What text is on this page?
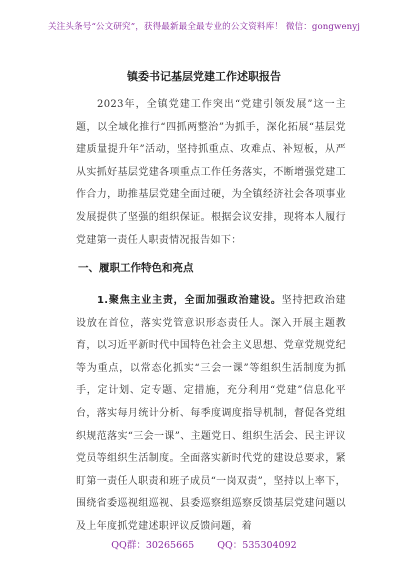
关注头条号“公文研究”，获得最新最全最专业的公文资料库！ 微信：gongwenyj
镇委书记基层党建工作述职报告

2023年，全镇党建工作突出“党建引领发展”这一主题，以全域化推行“四抓两整治”为抓手，深化拓展“基层党建质量提升年”活动，坚持抓重点、攻难点、补短板，从严从实抓好基层党建各项重点工作任务落实，不断增强党建工作合力，助推基层党建全面过硬，为全镇经济社会各项事业发展提供了坚强的组织保证。根据会议安排，现将本人履行党建第一责任人职责情况报告如下：

一、履职工作特色和亮点

1.聚焦主业主责，全面加强政治建设。坚持把政治建设放在首位，落实党管意识形态责任人。深入开展主题教育，以习近平新时代中国特色社会主义思想、党章党规党纪等为重点，以常态化抓实“三会一课”等组织生活制度为抓手，定计划、定专题、定措施，充分利用“党建”信息化平台，落实每月统计分析、每季度调度指导机制，督促各党组织规范落实“三会一课”、主题党日、组织生活会、民主评议党员等组织生活制度。全面落实新时代党的建设总要求，紧盯第一责任人职责和班子成员“一岗双责”，坚持以上率下，围绕省委巡视组巡视、县委巡察组巡察反馈基层党建问题以及上年度抓党建述职评议反馈问题，着

QQ群：30265665 QQ：535304092
